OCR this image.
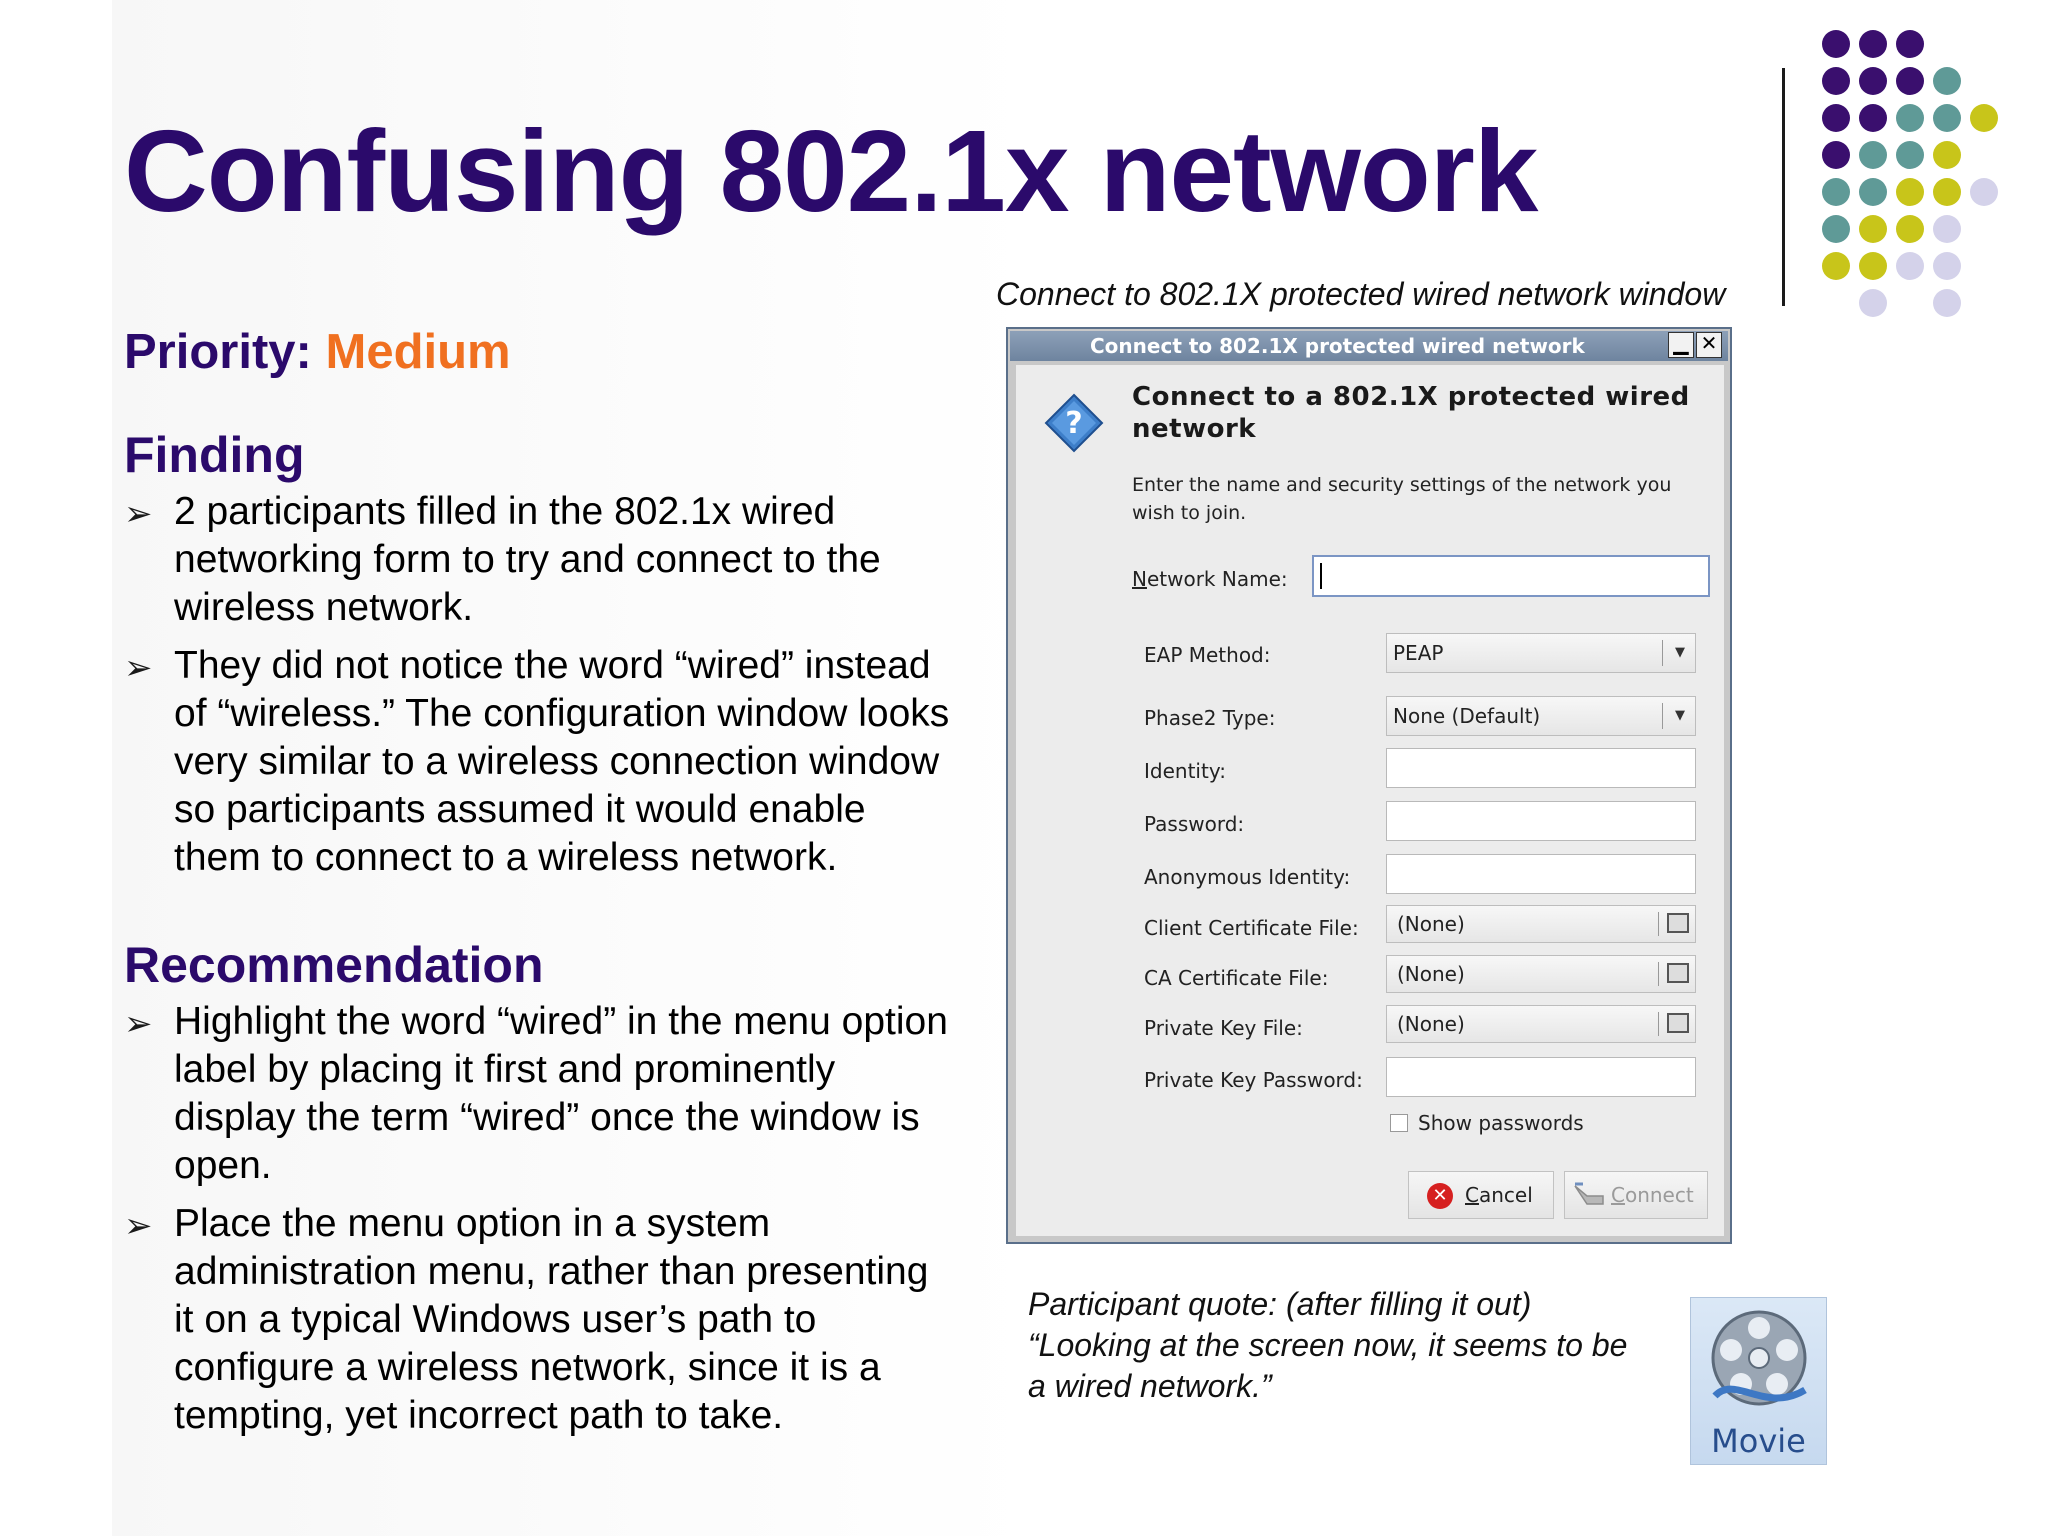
Confusing 802.1x network
Priority: Medium
Finding
➢ 2 participants filled in the 802.1x wired networking form to try and connect to the wireless network.
➢ They did not notice the word “wired” instead of “wireless.” The configuration window looks very similar to a wireless connection window so participants assumed it would enable them to connect to a wireless network.
Recommendation
➢ Highlight the word “wired” in the menu option label by placing it first and prominently display the term “wired” once the window is open.
➢ Place the menu option in a system administration menu, rather than presenting it on a typical Windows user’s path to configure a wireless network, since it is a tempting, yet incorrect path to take.
Connect to 802.1X protected wired network window
Connect to 802.1X protected wired network	▁ ✕
?
Connect to a 802.1X protected wired network
Enter the name and security settings of the network you wish to join.
Network Name:
EAP Method:	PEAP	▼
Phase2 Type:	None (Default)	▼
Identity:
Password:
Anonymous Identity:
Client Certificate File:	(None)
CA Certificate File:	(None)
Private Key File:	(None)
Private Key Password:
Show passwords
✕ Cancel	Connect
Participant quote: (after filling it out)
“Looking at the screen now, it seems to be a wired network.”
Movie
